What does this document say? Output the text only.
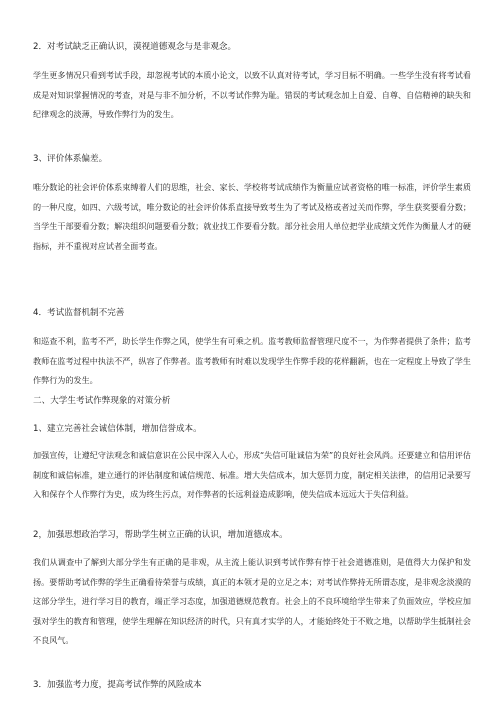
2．对考试缺乏正确认识，漠视道德观念与是非观念。

学生更多情况只看到考试手段，却忽视考试的本质小论文，以致不认真对待考试，学习目标不明确。一些学生没有将考试看成是对知识掌握情况的考查，对是与非不加分析，不以考试作弊为耻。错误的考试观念加上自爱、自尊、自信精神的缺失和纪律观念的淡薄，导致作弊行为的发生。

3、评价体系偏差。

唯分数论的社会评价体系束缚着人们的思维，社会、家长、学校将考试成绩作为衡量应试者资格的唯一标准，评价学生素质的一种尺度，如四、六级考试，唯分数论的社会评价体系直接导致考生为了考试及格或者过关而作弊，学生获奖要看分数；当学生干部要看分数；解决组织问题要看分数；就业找工作要看分数。部分社会用人单位把学业成绩文凭作为衡量人才的硬指标，并不重视对应试者全面考查。

4．考试监督机制不完善

和巡查不利，监考不严，助长学生作弊之风，使学生有可乘之机。监考教师监督管理尺度不一，为作弊者提供了条件；监考教师在监考过程中执法不严，纵容了作弊者。监考教师有时难以发现学生作弊手段的花样翻新，也在一定程度上导致了学生作弊行为的发生。

二、大学生考试作弊现象的对策分析

1、建立完善社会诚信体制，增加信誉成本。

加强宣传，让遵纪守法观念和诚信意识在公民中深入人心，形成“失信可耻诚信为荣”的良好社会风尚。还要建立和信用评估制度和诚信标准，建立通行的评估制度和诚信规范、标准。增大失信成本，加大惩罚力度，制定相关法律，的信用记录要写入和保存个人作弊行为史，成为终生污点，对作弊者的长远利益造成影响，使失信成本远远大于失信利益。

2，加强思想政治学习，帮助学生树立正确的认识，增加道德成本。

我们从调查中了解到大部分学生有正确的是非观，从主流上能认识到考试作弊有悖于社会道德准则，是值得大力保护和发扬。要帮助考试作弊的学生正确看待荣誉与成绩，真正的本领才是的立足之本；对考试作弊持无所谓态度，是非观念淡漠的这部分学生，进行学习目的教育，端正学习态度，加强道德规范教育。社会上的不良环境给学生带来了负面效应，学校应加强对学生的教育和管理，使学生理解在知识经济的时代，只有真才实学的人，才能始终处于不败之地，以帮助学生抵制社会不良风气。

3．加强监考力度，提高考试作弊的风险成本
